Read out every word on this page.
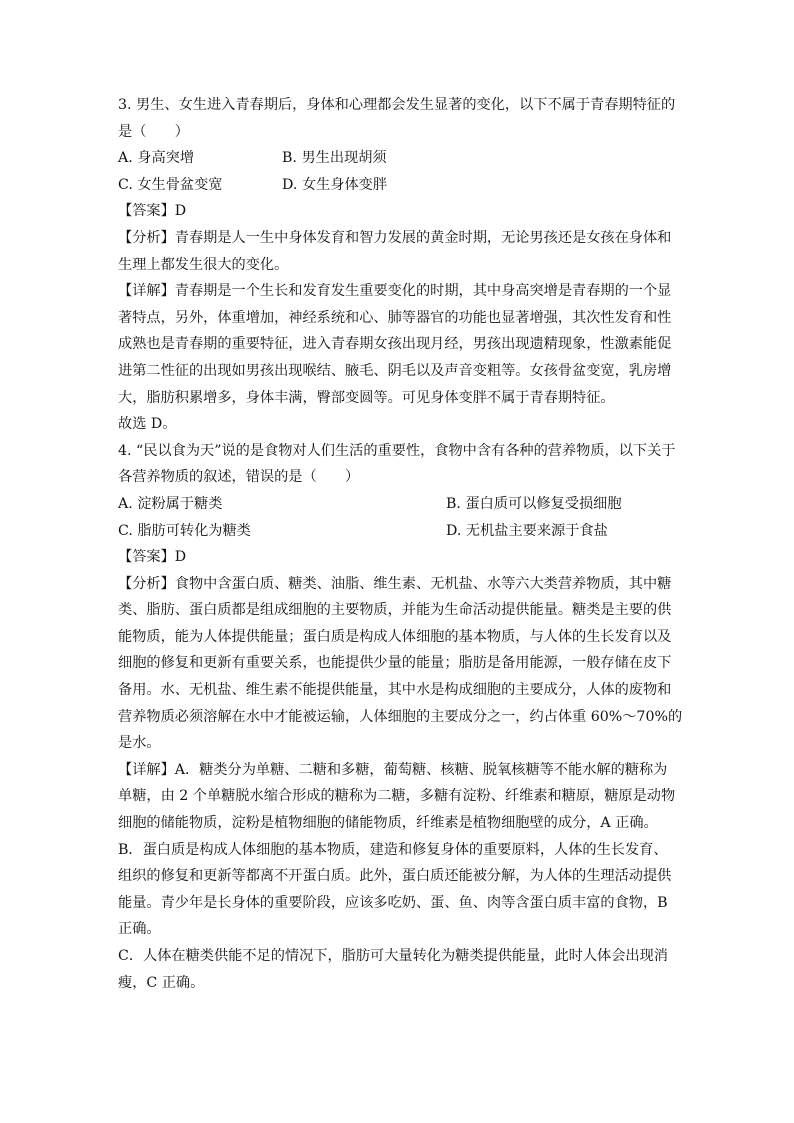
3. 男生、女生进入青春期后，身体和心理都会发生显著的变化，以下不属于青春期特征的
是（　　）
A. 身高突增	B. 男生出现胡须
C. 女生骨盆变宽	D. 女生身体变胖
【答案】D
【分析】青春期是人一生中身体发育和智力发展的黄金时期，无论男孩还是女孩在身体和
生理上都发生很大的变化。
【详解】青春期是一个生长和发育发生重要变化的时期，其中身高突增是青春期的一个显
著特点，另外，体重增加，神经系统和心、肺等器官的功能也显著增强，其次性发育和性
成熟也是青春期的重要特征，进入青春期女孩出现月经，男孩出现遗精现象，性激素能促
进第二性征的出现如男孩出现喉结、腋毛、阴毛以及声音变粗等。女孩骨盆变宽，乳房增
大，脂肪积累增多，身体丰满，臀部变圆等。可见身体变胖不属于青春期特征。
故选 D。
4. “民以食为天”说的是食物对人们生活的重要性，食物中含有各种的营养物质，以下关于
各营养物质的叙述，错误的是（　　）
A. 淀粉属于糖类	B. 蛋白质可以修复受损细胞
C. 脂肪可转化为糖类	D. 无机盐主要来源于食盐
【答案】D
【分析】食物中含蛋白质、糖类、油脂、维生素、无机盐、水等六大类营养物质，其中糖
类、脂肪、蛋白质都是组成细胞的主要物质，并能为生命活动提供能量。糖类是主要的供
能物质，能为人体提供能量；蛋白质是构成人体细胞的基本物质，与人体的生长发育以及
细胞的修复和更新有重要关系，也能提供少量的能量；脂肪是备用能源，一般存储在皮下
备用。水、无机盐、维生素不能提供能量，其中水是构成细胞的主要成分，人体的废物和
营养物质必须溶解在水中才能被运输，人体细胞的主要成分之一，约占体重 60%～70%的
是水。
【详解】A．糖类分为单糖、二糖和多糖，葡萄糖、核糖、脱氧核糖等不能水解的糖称为
单糖，由 2 个单糖脱水缩合形成的糖称为二糖，多糖有淀粉、纤维素和糖原，糖原是动物
细胞的储能物质，淀粉是植物细胞的储能物质，纤维素是植物细胞壁的成分，A 正确。
B．蛋白质是构成人体细胞的基本物质，建造和修复身体的重要原料，人体的生长发育、
组织的修复和更新等都离不开蛋白质。此外，蛋白质还能被分解，为人体的生理活动提供
能量。青少年是长身体的重要阶段，应该多吃奶、蛋、鱼、肉等含蛋白质丰富的食物，B
正确。
C．人体在糖类供能不足的情况下，脂肪可大量转化为糖类提供能量，此时人体会出现消
瘦，C 正确。
